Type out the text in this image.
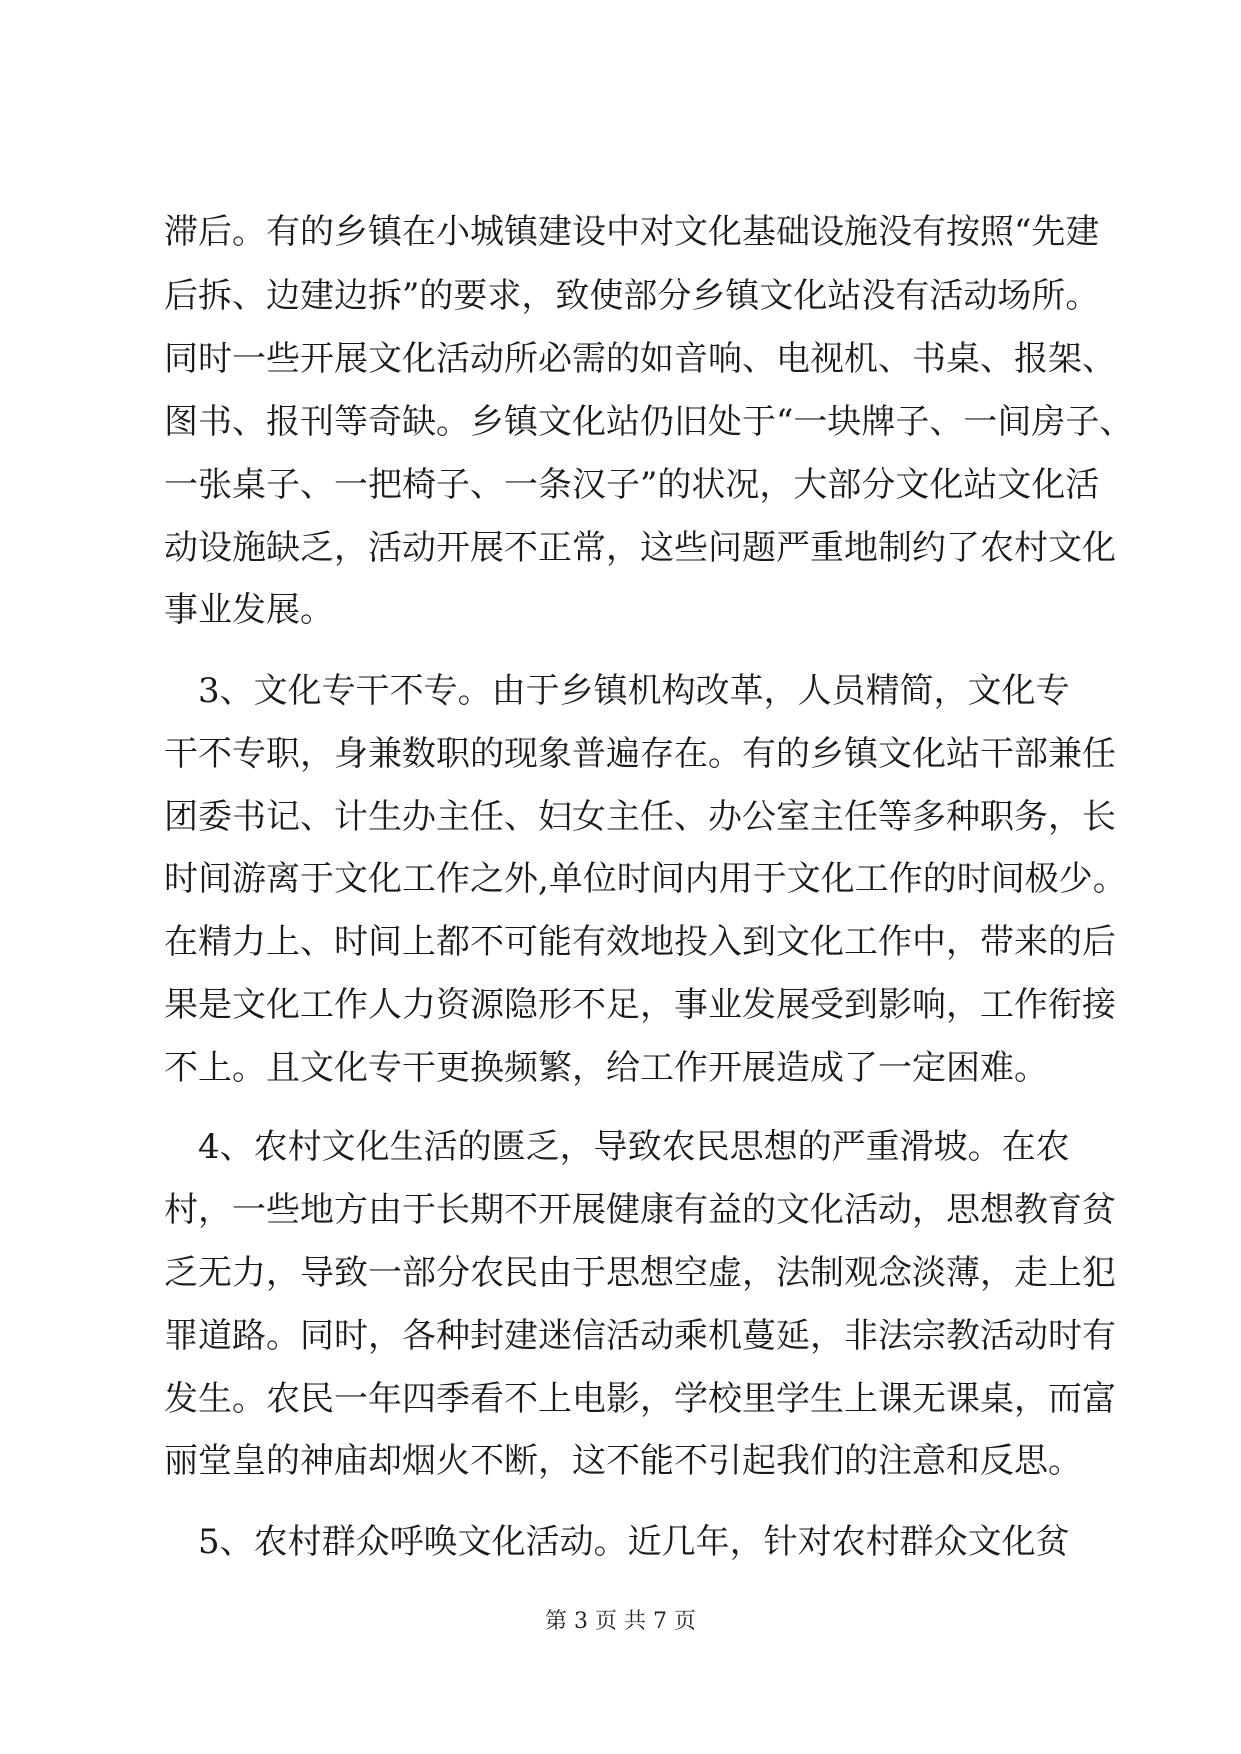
滞后。有的乡镇在小城镇建设中对文化基础设施没有按照“先建
后拆、边建边拆”的要求，致使部分乡镇文化站没有活动场所。
同时一些开展文化活动所必需的如音响、电视机、书桌、报架、
图书、报刊等奇缺。乡镇文化站仍旧处于“一块牌子、一间房子、
一张桌子、一把椅子、一条汉子”的状况，大部分文化站文化活
动设施缺乏，活动开展不正常，这些问题严重地制约了农村文化
事业发展。
　3、文化专干不专。由于乡镇机构改革，人员精简，文化专
干不专职，身兼数职的现象普遍存在。有的乡镇文化站干部兼任
团委书记、计生办主任、妇女主任、办公室主任等多种职务，长
时间游离于文化工作之外,单位时间内用于文化工作的时间极少。
在精力上、时间上都不可能有效地投入到文化工作中，带来的后
果是文化工作人力资源隐形不足，事业发展受到影响，工作衔接
不上。且文化专干更换频繁，给工作开展造成了一定困难。
　4、农村文化生活的匮乏，导致农民思想的严重滑坡。在农
村，一些地方由于长期不开展健康有益的文化活动，思想教育贫
乏无力，导致一部分农民由于思想空虚，法制观念淡薄，走上犯
罪道路。同时，各种封建迷信活动乘机蔓延，非法宗教活动时有
发生。农民一年四季看不上电影，学校里学生上课无课桌，而富
丽堂皇的神庙却烟火不断，这不能不引起我们的注意和反思。
　5、农村群众呼唤文化活动。近几年，针对农村群众文化贫
第 3 页 共 7 页
